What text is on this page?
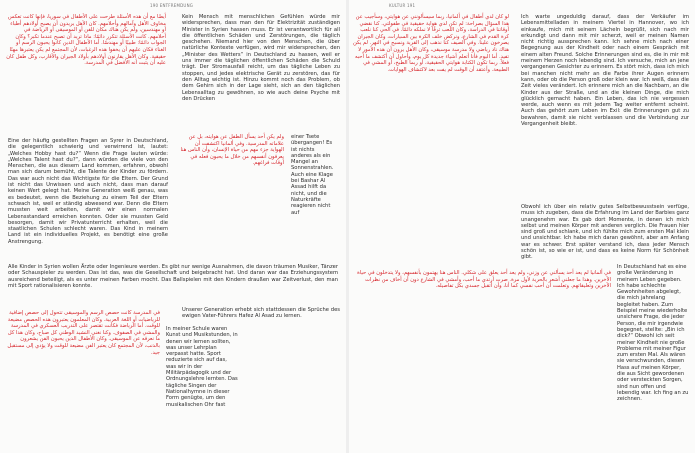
190 ENTFREMDUNG

أيضًا مع أن هذه الأسئلة طرحت على الأطفال في سوريا، فإنها كانت تعكس مخاوف الأهل وآمالهم وأحلامهم. كان الأهل يريدون أن يصبح أولادهم أطباء أو مهندسين، ولم يكن هناك مكان للفن أو الموسيقى أو الرياضة في أحلامهم. كانت الأسئلة تتكرر دائمًا: ماذا تريد أن تصبح عندما تكبر؟ وكان الجواب دائمًا: طبيبًا أو مهندسًا. أما الأطفال الذين كانوا يحبون الرسم أو الغناء فكان عليهم أن يخفوا هذه الرغبات، لأن المجتمع لم يكن يعتبرها مهنًا حقيقية. وكان الأهل يقارنون أولادهم بأولاد الجيران والأقارب، وكل طفل كان عليه أن يثبت أنه الأفضل في المدرسة.

Eine der häufig gestellten Fragen an Syrer in Deutschland, die gelegentlich schwierig und verwirrend ist, lautet: „Welches Hobby hast du?“ Wenn die Frage lauten würde: „Welches Talent hast du?“, dann würden die viele von den Menschen, die aus diesem Land kommen, erfahren, obwohl man sich darum bemüht, die Talente der Kinder zu fördern. Das war auch nicht das Wichtigste für die Eltern. Der Grund ist nicht das Unwissen und auch nicht, dass man darauf keinen Wert gelegt hat. Meine Generation weiß genau, was es bedeutet, wenn die Beziehung zu einem Teil der Eltern schwach ist, weil er ständig abwesend war. Denn die Eltern mussten weit arbeiten, damit wir einen normalen Lebensstandard erreichen konnten. Oder sie mussten Geld besorgen, damit wir Privatunterricht erhalten, weil die staatlichen Schulen schlecht waren. Das Kind in meinem Land ist ein individuelles Projekt, es benötigt eine große Anstrengung.

Kein Mensch mit menschlichen Gefühlen würde mir widersprechen, dass man den für Elektrizität zuständigen Minister in Syrien hassen muss. Er ist verantwortlich für all die öffentlichen Schäden und Zerstörungen, die täglich geschehen. Niemand hier von den Menschen, die über natürliche Kontexte verfügen, wird mir widersprechen, den „Minister des Wetters“ in Deutschland zu hassen, weil er uns immer die täglichen öffentlichen Schäden die Schuld trägt. Der Stromausfall reicht, um das tägliche Leben zu stoppen, und jedes elektrische Gerät zu zerstören, das für den Alltag wichtig ist. Hinzu kommt noch das Problem, ob dem Gehirn sich in der Lage sieht, sich an den täglichen Lebensalltag zu gewöhnen, so wie auch deine Psyche mit den Drücken

einer Tsete übergangen! Es ist nichts anderes als ein Mangel an Sonnenstrahlen. Auch eine Klage bei Bashar Al Assad hilft da nicht, und die Naturkräfte reagieren nicht auf

ولم يكن أحد يسأل الطفل عن هوايته، بل عن علاماته المدرسية. وفي ألمانيا اكتشفت أن الهواية جزء مهم من حياة الإنسان، وأن الناس هنا يعرفون أنفسهم من خلال ما يحبون فعله في أوقات فراغهم.

Alle Kinder in Syrien wollen Ärzte oder Ingenieure werden. Es gibt nur wenige Ausnahmen, die davon träumen Musiker, Tänzer oder Schauspieler zu werden. Das ist das, was die Gesellschaft und beigebracht hat. Und daran war das Erziehungssystem ausreichend beteiligt, als es unter meinen Farben mocht. Das Ballspielen mit den Kindern draußen war Zeitverlust, den man mit Sport rationalisieren konnte.

Unserer Generation erhebt sich stattdessen die Sprüche des ewigen Vater-Führers Hafez Al Asad zu lernen.

In meiner Schule waren Kunst und Musikstunden, in denen wir lernen sollten, was unser Lehrplan verpasst hatte. Sport reduzierte sich auf das, was wir in der Militärpädagogik und der Ordnungslehre lernten. Das tägliche Singen der Nationalhymne in dieser Form genügte, um den musikalischen Ohr fast

في المدرسة كانت حصص الرسم والموسيقى تتحول إلى حصص إضافية للرياضيات أو اللغة العربية. وكان المعلمون يعتبرون هذه الحصص مضيعة للوقت. أما الرياضة فكانت تقتصر على التدريب العسكري في المدرسة والمشي في الصفوف. وكنا نغني النشيد الوطني كل صباح، وكان هذا كل ما نعرفه عن الموسيقى. وكان الأطفال الذين يحبون الفن يشعرون بالذنب، لأن المجتمع كان يعتبر الفن مضيعة للوقت ولا يؤدي إلى مستقبل جيد.

KULTUR 191

لو كان لدي أطفال في ألمانيا، ربما سيسألونني عن هوايتي، وسأجيب عن هذا السؤال بصراحة: لم تكن لدي هواية حقيقية في طفولتي. كنا نقضي أوقاتنا في الدراسة، وكان اللعب ترفًا لا نملكه دائمًا. في الحي كنا نلعب كرة القدم في الشارع، ونركض خلف الكرة بين السيارات، وكان الجيران يصرخون علينا. وفي الصيف كنا نذهب إلى القرية ونسبح في النهر. لم يكن هناك ناد رياضي ولا مدرسة موسيقى، وكان الأهل يرون أن هذه الأمور لا تفيد. أما اليوم فأنا أتعلم أشياء جديدة كل يوم، وأحاول أن أكتشف ما أحبه فعلاً. ربما تكون الكتابة هوايتي الحقيقية، أو ربما الطبخ، أو المشي في الطبيعة. وأعتقد أن الوقت لم يفت بعد لاكتشاف الهوايات.

Ich warte ungeduldig darauf, dass der Verkäufer im Lebensmittelladen in meinem Viertel in Hannover, wo ich einkaufe, mich mit seinem Lächeln begrüßt, sich nach mir erkundigt und dann mit mir scherzt, weil er meinen Namen nicht richtig aussprechen kann. Ich sehne mich nach einer Begegnung aus der Kindheit oder nach einem Gespräch mit einem alten Freund. Solche Erinnerungen sind es, die in mir mit meinem Herzen noch lebendig sind. Ich versuche, mich an jene vergangenen Gesichter zu erinnern. Es stört mich, dass ich mich bei manchen nicht mehr an die Farbe ihrer Augen erinnern kann, oder ob die Person groß oder klein war. Ich weiß, dass die Zeit vieles verändert. Ich erinnere mich an die Nachbarn, an die Kinder aus der Straße, und an die kleinen Dinge, die mich glücklich gemacht haben. Ein Leben, das ich nie vergessen werde, auch wenn es mit jedem Tag weiter entfernt scheint. Auch das gehört zum Leben im Exil: die Erinnerungen gut zu bewahren, damit sie nicht verblassen und die Verbindung zur Vergangenheit bleibt.

Obwohl ich über ein relativ gutes Selbstbewusstsein verfüge, muss ich zugeben, dass die Erfahrung im Land der Barbies ganz unangenehm war. Es gab dort Momente, in denen ich mich selbst und meinen Körper mit anderen verglich. Die Frauen hier sind groß und schlank, und ich fühlte mich zum ersten Mal klein und unsichtbar. Ich habe mich daran gewöhnt, aber am Anfang war es schwer. Erst später verstand ich, dass jeder Mensch schön ist, so wie er ist, und dass es keine Norm für Schönheit gibt.

In Deutschland hat es eine große Veränderung in meinem Leben gegeben. Ich habe schlechte Gewohnheiten abgelegt, die mich jahrelang begleitet haben. Zum Beispiel meine wiederholte unsichere Frage, die jeder Person, die mir irgendwie begegnet, stellte: „Bin ich dick?“ Obwohl ich seit meiner Kindheit nie große Probleme mit meiner Figur zum ersten Mal. Als wären sie verschwunden, diesen Hass auf meinen Körper, die aus Sicht gewordenen oder versteckten Sorgen, sind nun offen und lebendig war. Ich fing an zu zeichnen.

في ألمانيا لم يعد أحد يسألني عن وزني، ولم يعد أحد يعلق على شكلي. الناس هنا يهتمون بأنفسهم، ولا يتدخلون في حياة الآخرين. وهذا ما جعلني أشعر بالحرية لأول مرة. صرت أرتدي ما أحب، وأمشي في الشارع دون أن أخاف من نظرات الآخرين وتعليقاتهم. وتعلمت أن أحب نفسي كما أنا، وأن أتقبل جسدي بكل تفاصيله.
